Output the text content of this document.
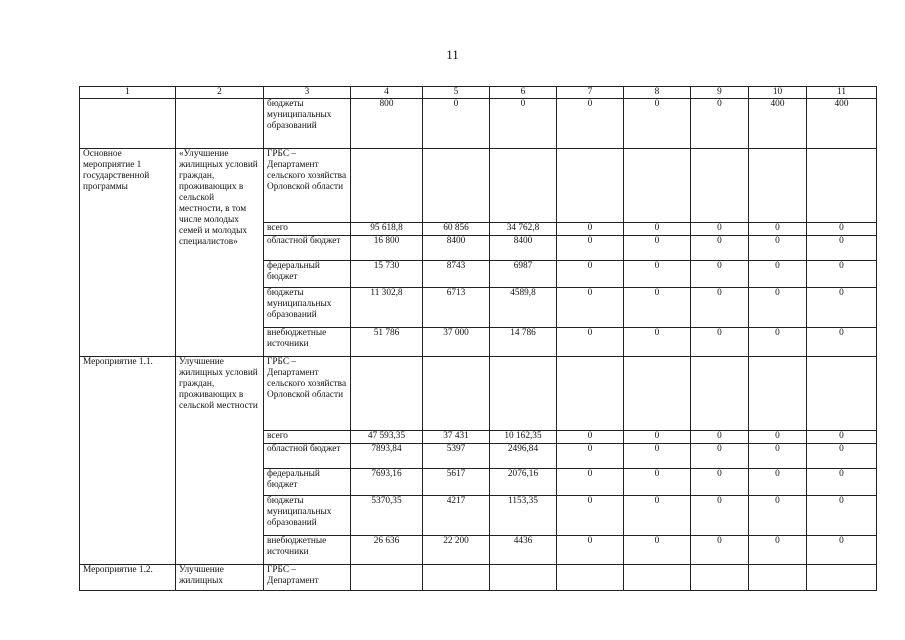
11
1	2	3	4	5	6	7	8	9	10	11
		бюджеты муниципальных образований	800	0	0	0	0	0	400	400
Основное мероприятие 1 государственной программы	«Улучшение жилищных условий граждан, проживающих в сельской местности, в том числе молодых семей и молодых специалистов»	ГРБС – Департамент сельского хозяйства Орловской области								
		всего	95 618,8	60 856	34 762,8	0	0	0	0	0
		областной бюджет	16 800	8400	8400	0	0	0	0	0
		федеральный бюджет	15 730	8743	6987	0	0	0	0	0
		бюджеты муниципальных образований	11 302,8	6713	4589,8	0	0	0	0	0
		внебюджетные источники	51 786	37 000	14 786	0	0	0	0	0
Мероприятие 1.1.	Улучшение жилищных условий граждан, проживающих в сельской местности	ГРБС – Департамент сельского хозяйства Орловской области								
		всего	47 593,35	37 431	10 162,35	0	0	0	0	0
		областной бюджет	7893,84	5397	2496,84	0	0	0	0	0
		федеральный бюджет	7693,16	5617	2076,16	0	0	0	0	0
		бюджеты муниципальных образований	5370,35	4217	1153,35	0	0	0	0	0
		внебюджетные источники	26 636	22 200	4436	0	0	0	0	0
Мероприятие 1.2.	Улучшение жилищных	ГРБС – Департамент								
